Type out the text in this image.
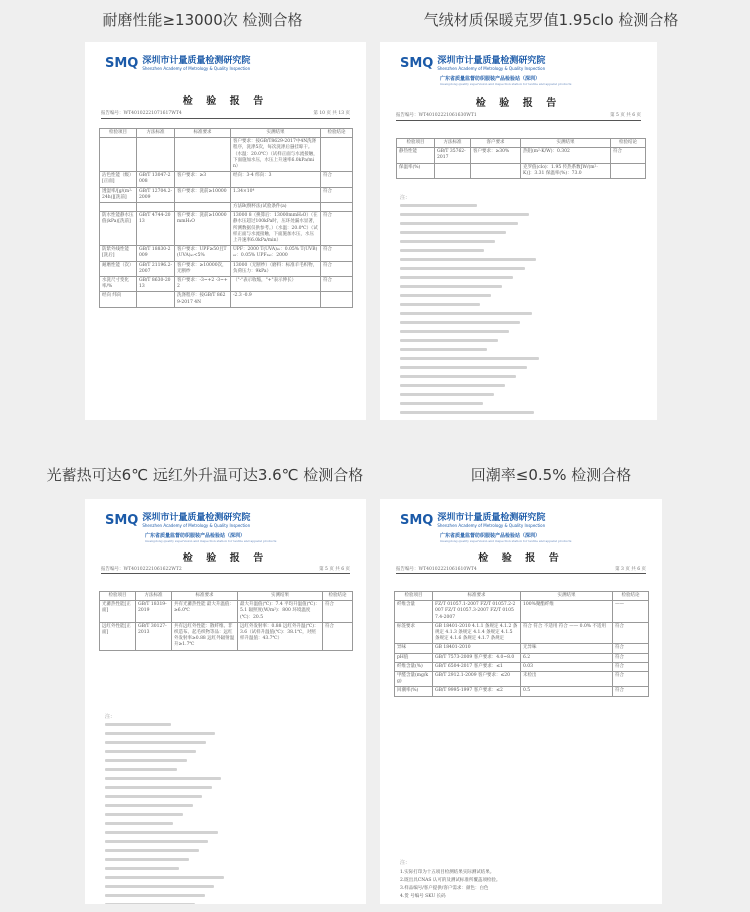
耐磨性能≥13000次 检测合格	气绒材质保暖克罗值1.95clo 检测合格
光蓄热可达6℃ 远红外升温可达3.6℃ 检测合格	回潮率≤0.5% 检测合格
SMQ 深圳市计量质量检测研究院
Shenzhen Academy of Metrology & Quality Inspection
检 验 报 告
报告编号：WT40102221071617WT4	第 10 页 共 13 页
检验项目	方法标准	标准要求	实测结果	检验结论
			客户要求：按GB/T8629-2017中4N洗涤程序，洗涤5次，每次洗涤后悬挂晾干。（水温：20.0℃）（试样正面与水流接触，下面施加水压，水压上升速率6.0kPa/min）	
沾色性能（级）[正面]	GB/T 13047-2008	客户要求：≥3	经向：3-4 纬向：3	符合
透湿率/[g/(m²·24h)][洗前]	GB/T 12704.2-2009	客户要求：洗前≥10000	1.34×10⁴	符合
			方法B(倒杯法)试验条件(a)	
防水性能静水压值(kPa)[洗前]	GB/T 4744-2013	客户要求：洗前≥10000mmH₂O	13000 8（换算后：13000mmH₂O）（在静水压超过100kPa时，压环处漏水显著，所测数据仅供参考。）（水温：20.0℃）（试样正面与水流接触，下面施加水压，水压上升速率6.0kPa/min）	符合
防紫外线性能[洗后]	GB/T 18830-2009	客户要求：UPF≥50且T(UVA)ₐᵥ<5%	UPF：2000 T(UVA)ₐᵥ：0.05% T(UVB)ₐᵥ：0.05% UPF₂ₐᵥ：2000	符合
耐磨性能（次）	GB/T 21196.2-2007	客户要求：≥10000次，无断纱	13000（无断纱）（磨料：标准羊毛织物，负荷压力：9kPa）	符合
水洗尺寸变化率/%	GB/T 8630-2013	客户要求：-3~+2 -3~+2	（"-"表示收缩，"+"表示伸长）	符合
经向 纬向		洗涤程序：按GB/T 8629-2017 4N	-2.3 -0.9	
SMQ 深圳市计量质量检测研究院
Shenzhen Academy of Metrology & Quality Inspection
广东省质量监督纺织服装产品检验站（深圳）
Guangdong quality supervision and inspection station for textile and apparel products
检 验 报 告
报告编号：WT40102221061630WT1	第 5 页 共 6 页
检验项目	方法标准	客户要求	实测结果	检验结论
静热性能	GB/T 35762-2017	客户要求：≥30%	热阻(m²·K/W)：0.302	符合
保温率(%)			克罗值(clo)：1.95 传热系数[W/(m²·K)]：3.31 保温率(%)：73.0	
注：
SMQ 深圳市计量质量检测研究院
Shenzhen Academy of Metrology & Quality Inspection
广东省质量监督纺织服装产品检验站（深圳）
Guangdong quality supervision and inspection station for textile and apparel products
检 验 报 告
报告编号：WT40102221061622WT2	第 5 页 共 6 页
检验项目	方法标准	标准要求	实测结果	检验结论
光蓄热性能[正面]	GB/T 18319-2019	共有光蓄热性能 最大升温值：≥6.0℃	最大升温值(℃)：7.4 平均升温值(℃)：5.1 辐照度(W/m²)：800 环境温度(℃)：20.5	符合
远红外性能[正面]	GB/T 30127-2013	共有远红外性能：散纤维、非织造布、起毛织物等品：远红外发射率≥0.88 远红外辐射温升≥1.7℃	远红外发射率：0.88 远红外升温(℃)：3.6（试样升温值(℃)：38.1℃，对照样升温值：43.7℃）	符合
注：
SMQ 深圳市计量质量检测研究院
Shenzhen Academy of Metrology & Quality Inspection
广东省质量监督纺织服装产品检验站（深圳）
Guangdong quality supervision and inspection station for textile and apparel products
检 验 报 告
报告编号：WT40102221061610WT4	第 3 页 共 6 页
检验项目	标准要求	实测结果	检验结论
纤维含量	FZ/T 01057.1-2007 FZ/T 01057.2-2007 FZ/T 01057.3-2007 FZ/T 01057.4-2007	100%聚酯纤维	——
标签要求	GB 18401-2010 4.1.1 条规定 4.1.2 条规定 4.1.3 条规定 4.1.4 条规定 4.1.5 条规定 4.1.6 条规定 4.1.7 条规定	符合 符合 不适用 符合 —— 0.0% 不适用	符合
异味	GB 18401-2010	无异味	符合
pH值	GB/T 7573-2009 客户要求：4.0~8.0	6.2	符合
纤维含量(%)	GB/T 6504-2017 客户要求：≤1	0.03	符合
甲醛含量(mg/kg)	GB/T 2912.1-2009 客户要求：≤20	未检出	符合
回潮率(%)	GB/T 9995-1997 客户要求：≤2	0.5	符合
注：
1.实际打印为十五项目检测结果实际测试结果。
2.既出具CNAS 认可的及测试标准所覆盖项检验。
3.样品编号/客户提供/客户需求：颜色：白色
4.货 号编号 SKU 长码
